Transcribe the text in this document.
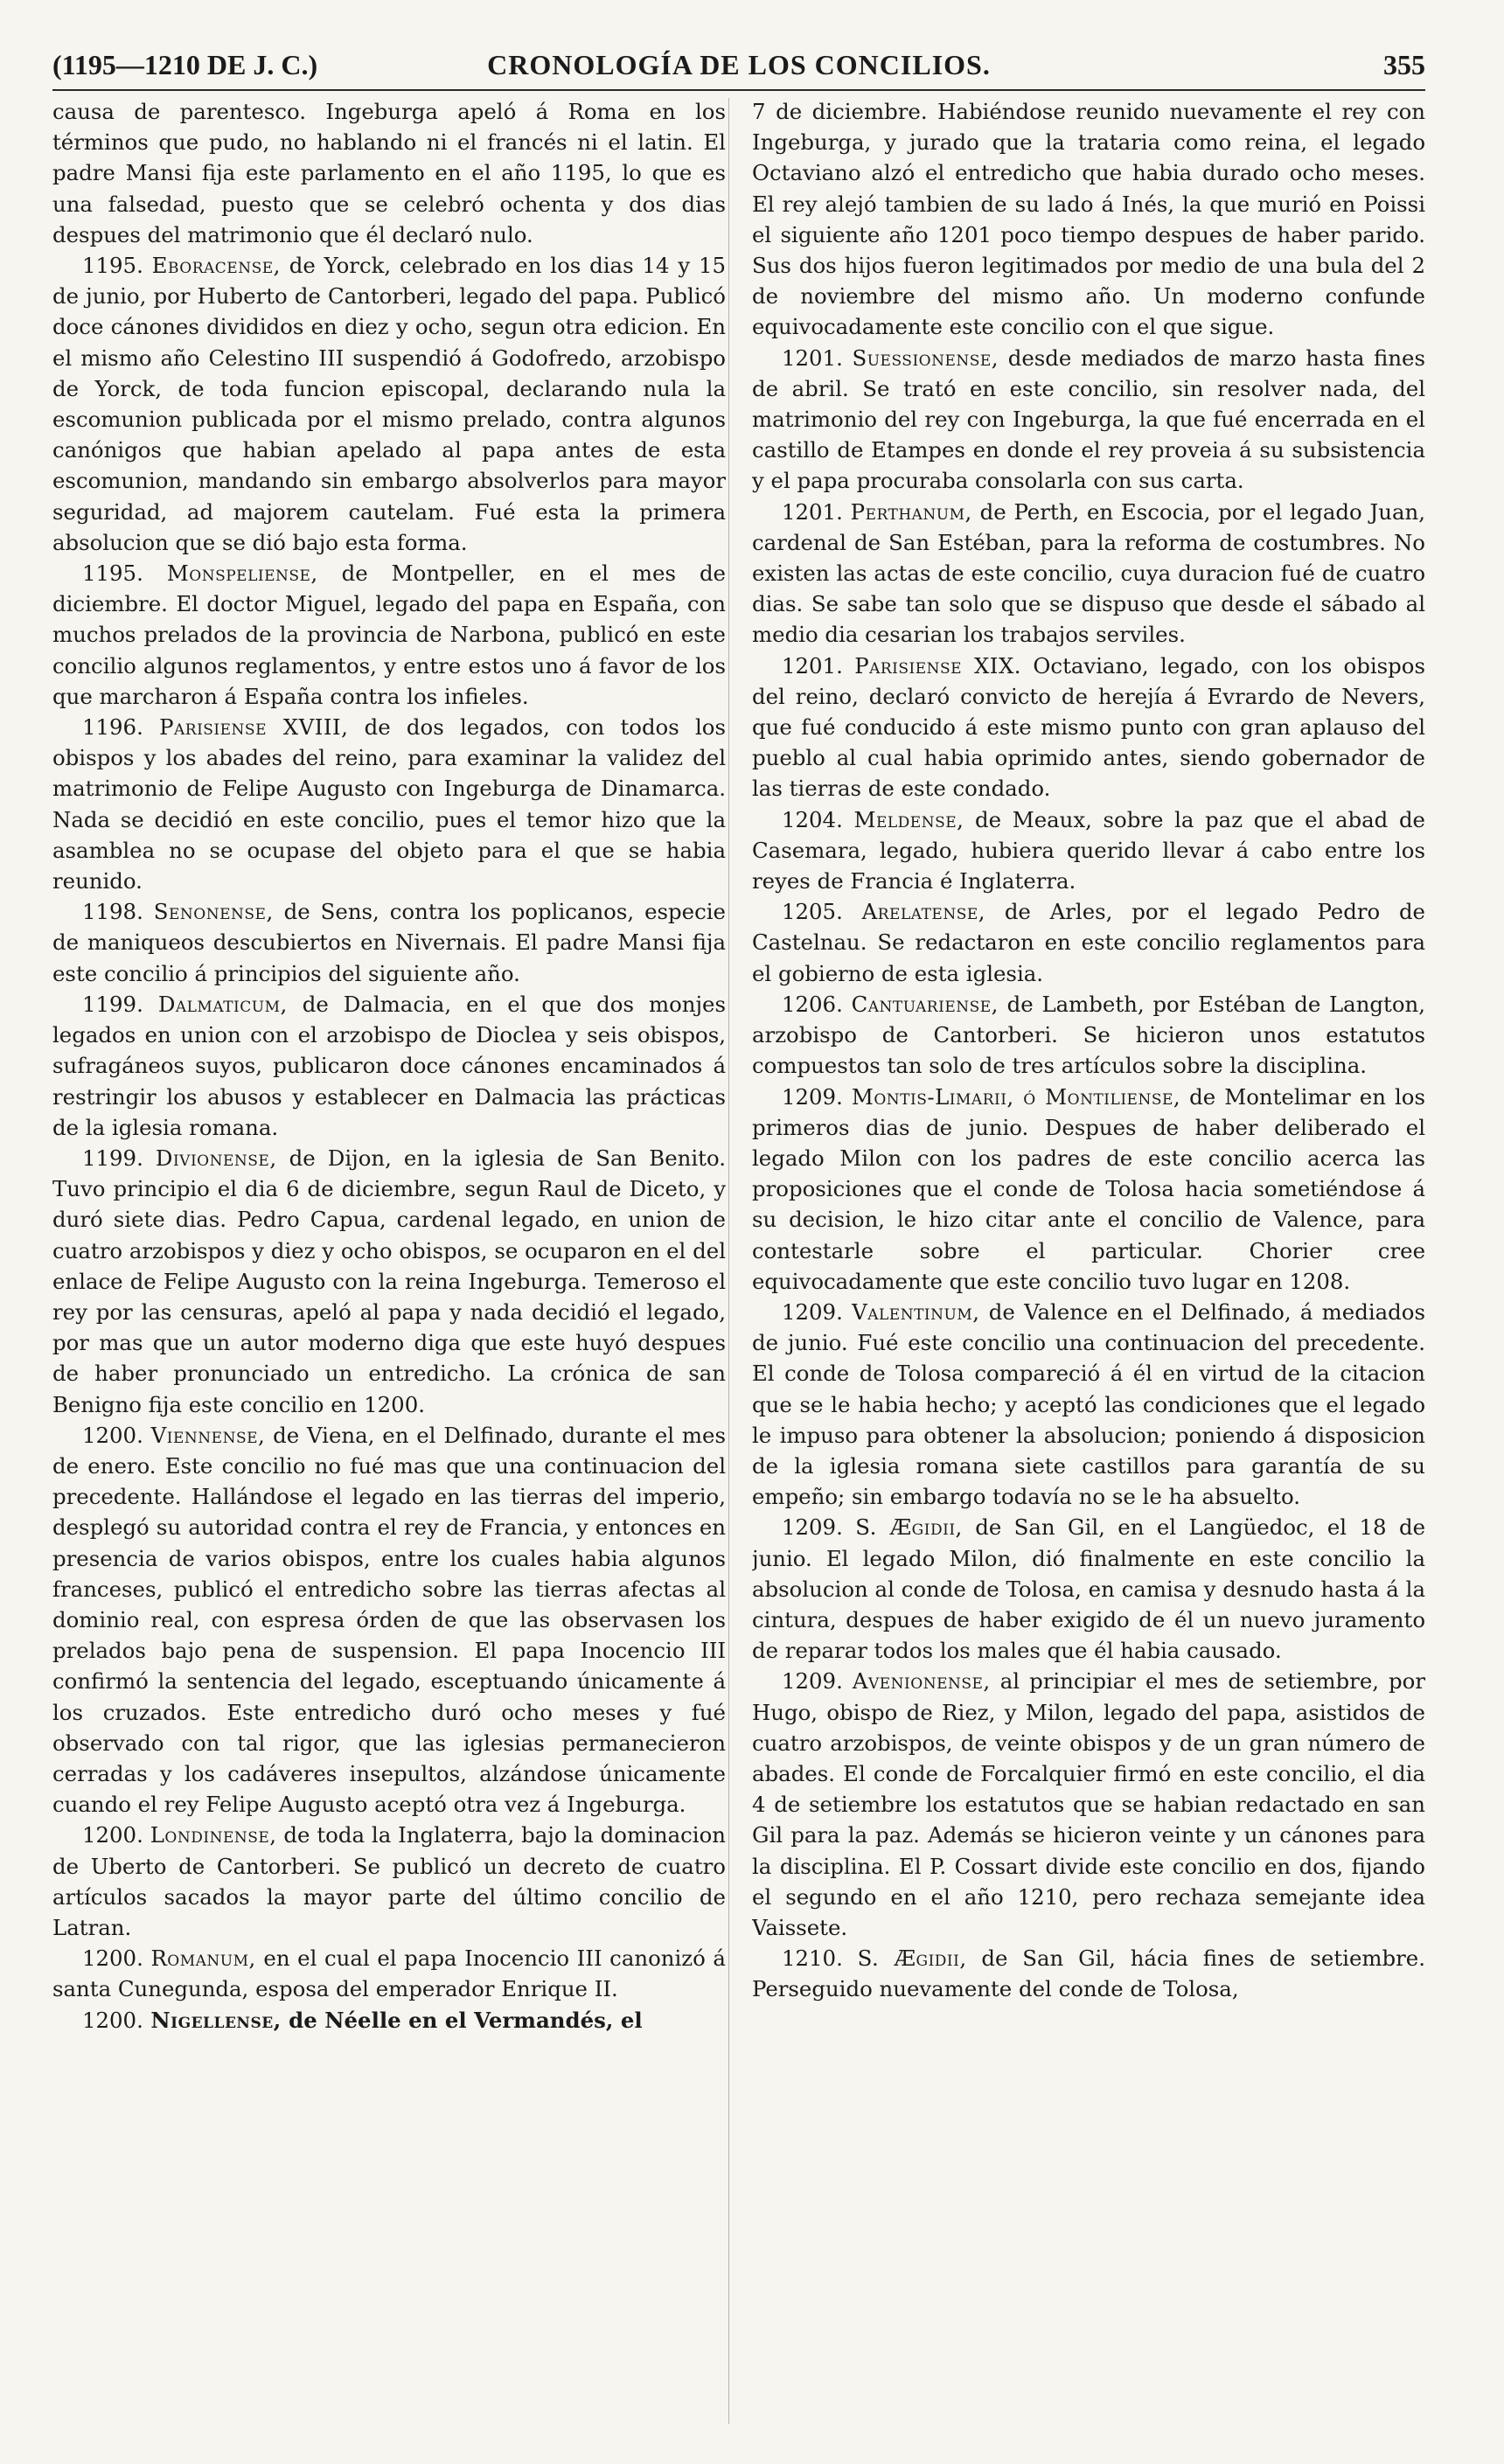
(1195—1210 DE J. C.)	CRONOLOGÍA DE LOS CONCILIOS.	355

causa de parentesco. Ingeburga apeló á Roma en los términos que pudo, no hablando ni el francés ni el latin. El padre Mansi fija este parlamento en el año 1195, lo que es una falsedad, puesto que se celebró ochenta y dos dias despues del matrimonio que él declaró nulo.

1195. Eboracense, de Yorck, celebrado en los dias 14 y 15 de junio, por Huberto de Cantorberi, legado del papa. Publicó doce cánones divididos en diez y ocho, segun otra edicion. En el mismo año Celestino III suspendió á Godofredo, arzobispo de Yorck, de toda funcion episcopal, declarando nula la escomunion publicada por el mismo prelado, contra algunos canónigos que habian apelado al papa antes de esta escomunion, mandando sin embargo absolverlos para mayor seguridad, ad majorem cautelam. Fué esta la primera absolucion que se dió bajo esta forma.

1195. Monspeliense, de Montpeller, en el mes de diciembre. El doctor Miguel, legado del papa en España, con muchos prelados de la provincia de Narbona, publicó en este concilio algunos reglamentos, y entre estos uno á favor de los que marcharon á España contra los infieles.

1196. Parisiense XVIII, de dos legados, con todos los obispos y los abades del reino, para examinar la validez del matrimonio de Felipe Augusto con Ingeburga de Dinamarca. Nada se decidió en este concilio, pues el temor hizo que la asamblea no se ocupase del objeto para el que se habia reunido.

1198. Senonense, de Sens, contra los poplicanos, especie de maniqueos descubiertos en Nivernais. El padre Mansi fija este concilio á principios del siguiente año.

1199. Dalmaticum, de Dalmacia, en el que dos monjes legados en union con el arzobispo de Dioclea y seis obispos, sufragáneos suyos, publicaron doce cánones encaminados á restringir los abusos y establecer en Dalmacia las prácticas de la iglesia romana.

1199. Divionense, de Dijon, en la iglesia de San Benito. Tuvo principio el dia 6 de diciembre, segun Raul de Diceto, y duró siete dias. Pedro Capua, cardenal legado, en union de cuatro arzobispos y diez y ocho obispos, se ocuparon en el del enlace de Felipe Augusto con la reina Ingeburga. Temeroso el rey por las censuras, apeló al papa y nada decidió el legado, por mas que un autor moderno diga que este huyó despues de haber pronunciado un entredicho. La crónica de san Benigno fija este concilio en 1200.

1200. Viennense, de Viena, en el Delfinado, durante el mes de enero. Este concilio no fué mas que una continuacion del precedente. Hallándose el legado en las tierras del imperio, desplegó su autoridad contra el rey de Francia, y entonces en presencia de varios obispos, entre los cuales habia algunos franceses, publicó el entredicho sobre las tierras afectas al dominio real, con espresa órden de que las observasen los prelados bajo pena de suspension. El papa Inocencio III confirmó la sentencia del legado, esceptuando únicamente á los cruzados. Este entredicho duró ocho meses y fué observado con tal rigor, que las iglesias permanecieron cerradas y los cadáveres insepultos, alzándose únicamente cuando el rey Felipe Augusto aceptó otra vez á Ingeburga.

1200. Londinense, de toda la Inglaterra, bajo la dominacion de Uberto de Cantorberi. Se publicó un decreto de cuatro artículos sacados la mayor parte del último concilio de Latran.

1200. Romanum, en el cual el papa Inocencio III canonizó á santa Cunegunda, esposa del emperador Enrique II.

1200. Nigellense, de Néelle en el Vermandés, el

7 de diciembre. Habiéndose reunido nuevamente el rey con Ingeburga, y jurado que la trataria como reina, el legado Octaviano alzó el entredicho que habia durado ocho meses. El rey alejó tambien de su lado á Inés, la que murió en Poissi el siguiente año 1201 poco tiempo despues de haber parido. Sus dos hijos fueron legitimados por medio de una bula del 2 de noviembre del mismo año. Un moderno confunde equivocadamente este concilio con el que sigue.

1201. Suessionense, desde mediados de marzo hasta fines de abril. Se trató en este concilio, sin resolver nada, del matrimonio del rey con Ingeburga, la que fué encerrada en el castillo de Etampes en donde el rey proveia á su subsistencia y el papa procuraba consolarla con sus carta.

1201. Perthanum, de Perth, en Escocia, por el legado Juan, cardenal de San Estéban, para la reforma de costumbres. No existen las actas de este concilio, cuya duracion fué de cuatro dias. Se sabe tan solo que se dispuso que desde el sábado al medio dia cesarian los trabajos serviles.

1201. Parisiense XIX. Octaviano, legado, con los obispos del reino, declaró convicto de herejía á Evrardo de Nevers, que fué conducido á este mismo punto con gran aplauso del pueblo al cual habia oprimido antes, siendo gobernador de las tierras de este condado.

1204. Meldense, de Meaux, sobre la paz que el abad de Casemara, legado, hubiera querido llevar á cabo entre los reyes de Francia é Inglaterra.

1205. Arelatense, de Arles, por el legado Pedro de Castelnau. Se redactaron en este concilio reglamentos para el gobierno de esta iglesia.

1206. Cantuariense, de Lambeth, por Estéban de Langton, arzobispo de Cantorberi. Se hicieron unos estatutos compuestos tan solo de tres artículos sobre la disciplina.

1209. Montis-Limarii, ó Montiliense, de Montelimar en los primeros dias de junio. Despues de haber deliberado el legado Milon con los padres de este concilio acerca las proposiciones que el conde de Tolosa hacia sometiéndose á su decision, le hizo citar ante el concilio de Valence, para contestarle sobre el particular. Chorier cree equivocadamente que este concilio tuvo lugar en 1208.

1209. Valentinum, de Valence en el Delfinado, á mediados de junio. Fué este concilio una continuacion del precedente. El conde de Tolosa compareció á él en virtud de la citacion que se le habia hecho; y aceptó las condiciones que el legado le impuso para obtener la absolucion; poniendo á disposicion de la iglesia romana siete castillos para garantía de su empeño; sin embargo todavía no se le ha absuelto.

1209. S. Ægidii, de San Gil, en el Langüedoc, el 18 de junio. El legado Milon, dió finalmente en este concilio la absolucion al conde de Tolosa, en camisa y desnudo hasta á la cintura, despues de haber exigido de él un nuevo juramento de reparar todos los males que él habia causado.

1209. Avenionense, al principiar el mes de setiembre, por Hugo, obispo de Riez, y Milon, legado del papa, asistidos de cuatro arzobispos, de veinte obispos y de un gran número de abades. El conde de Forcalquier firmó en este concilio, el dia 4 de setiembre los estatutos que se habian redactado en san Gil para la paz. Además se hicieron veinte y un cánones para la disciplina. El P. Cossart divide este concilio en dos, fijando el segundo en el año 1210, pero rechaza semejante idea Vaissete.

1210. S. Ægidii, de San Gil, hácia fines de setiembre. Perseguido nuevamente del conde de Tolosa,
